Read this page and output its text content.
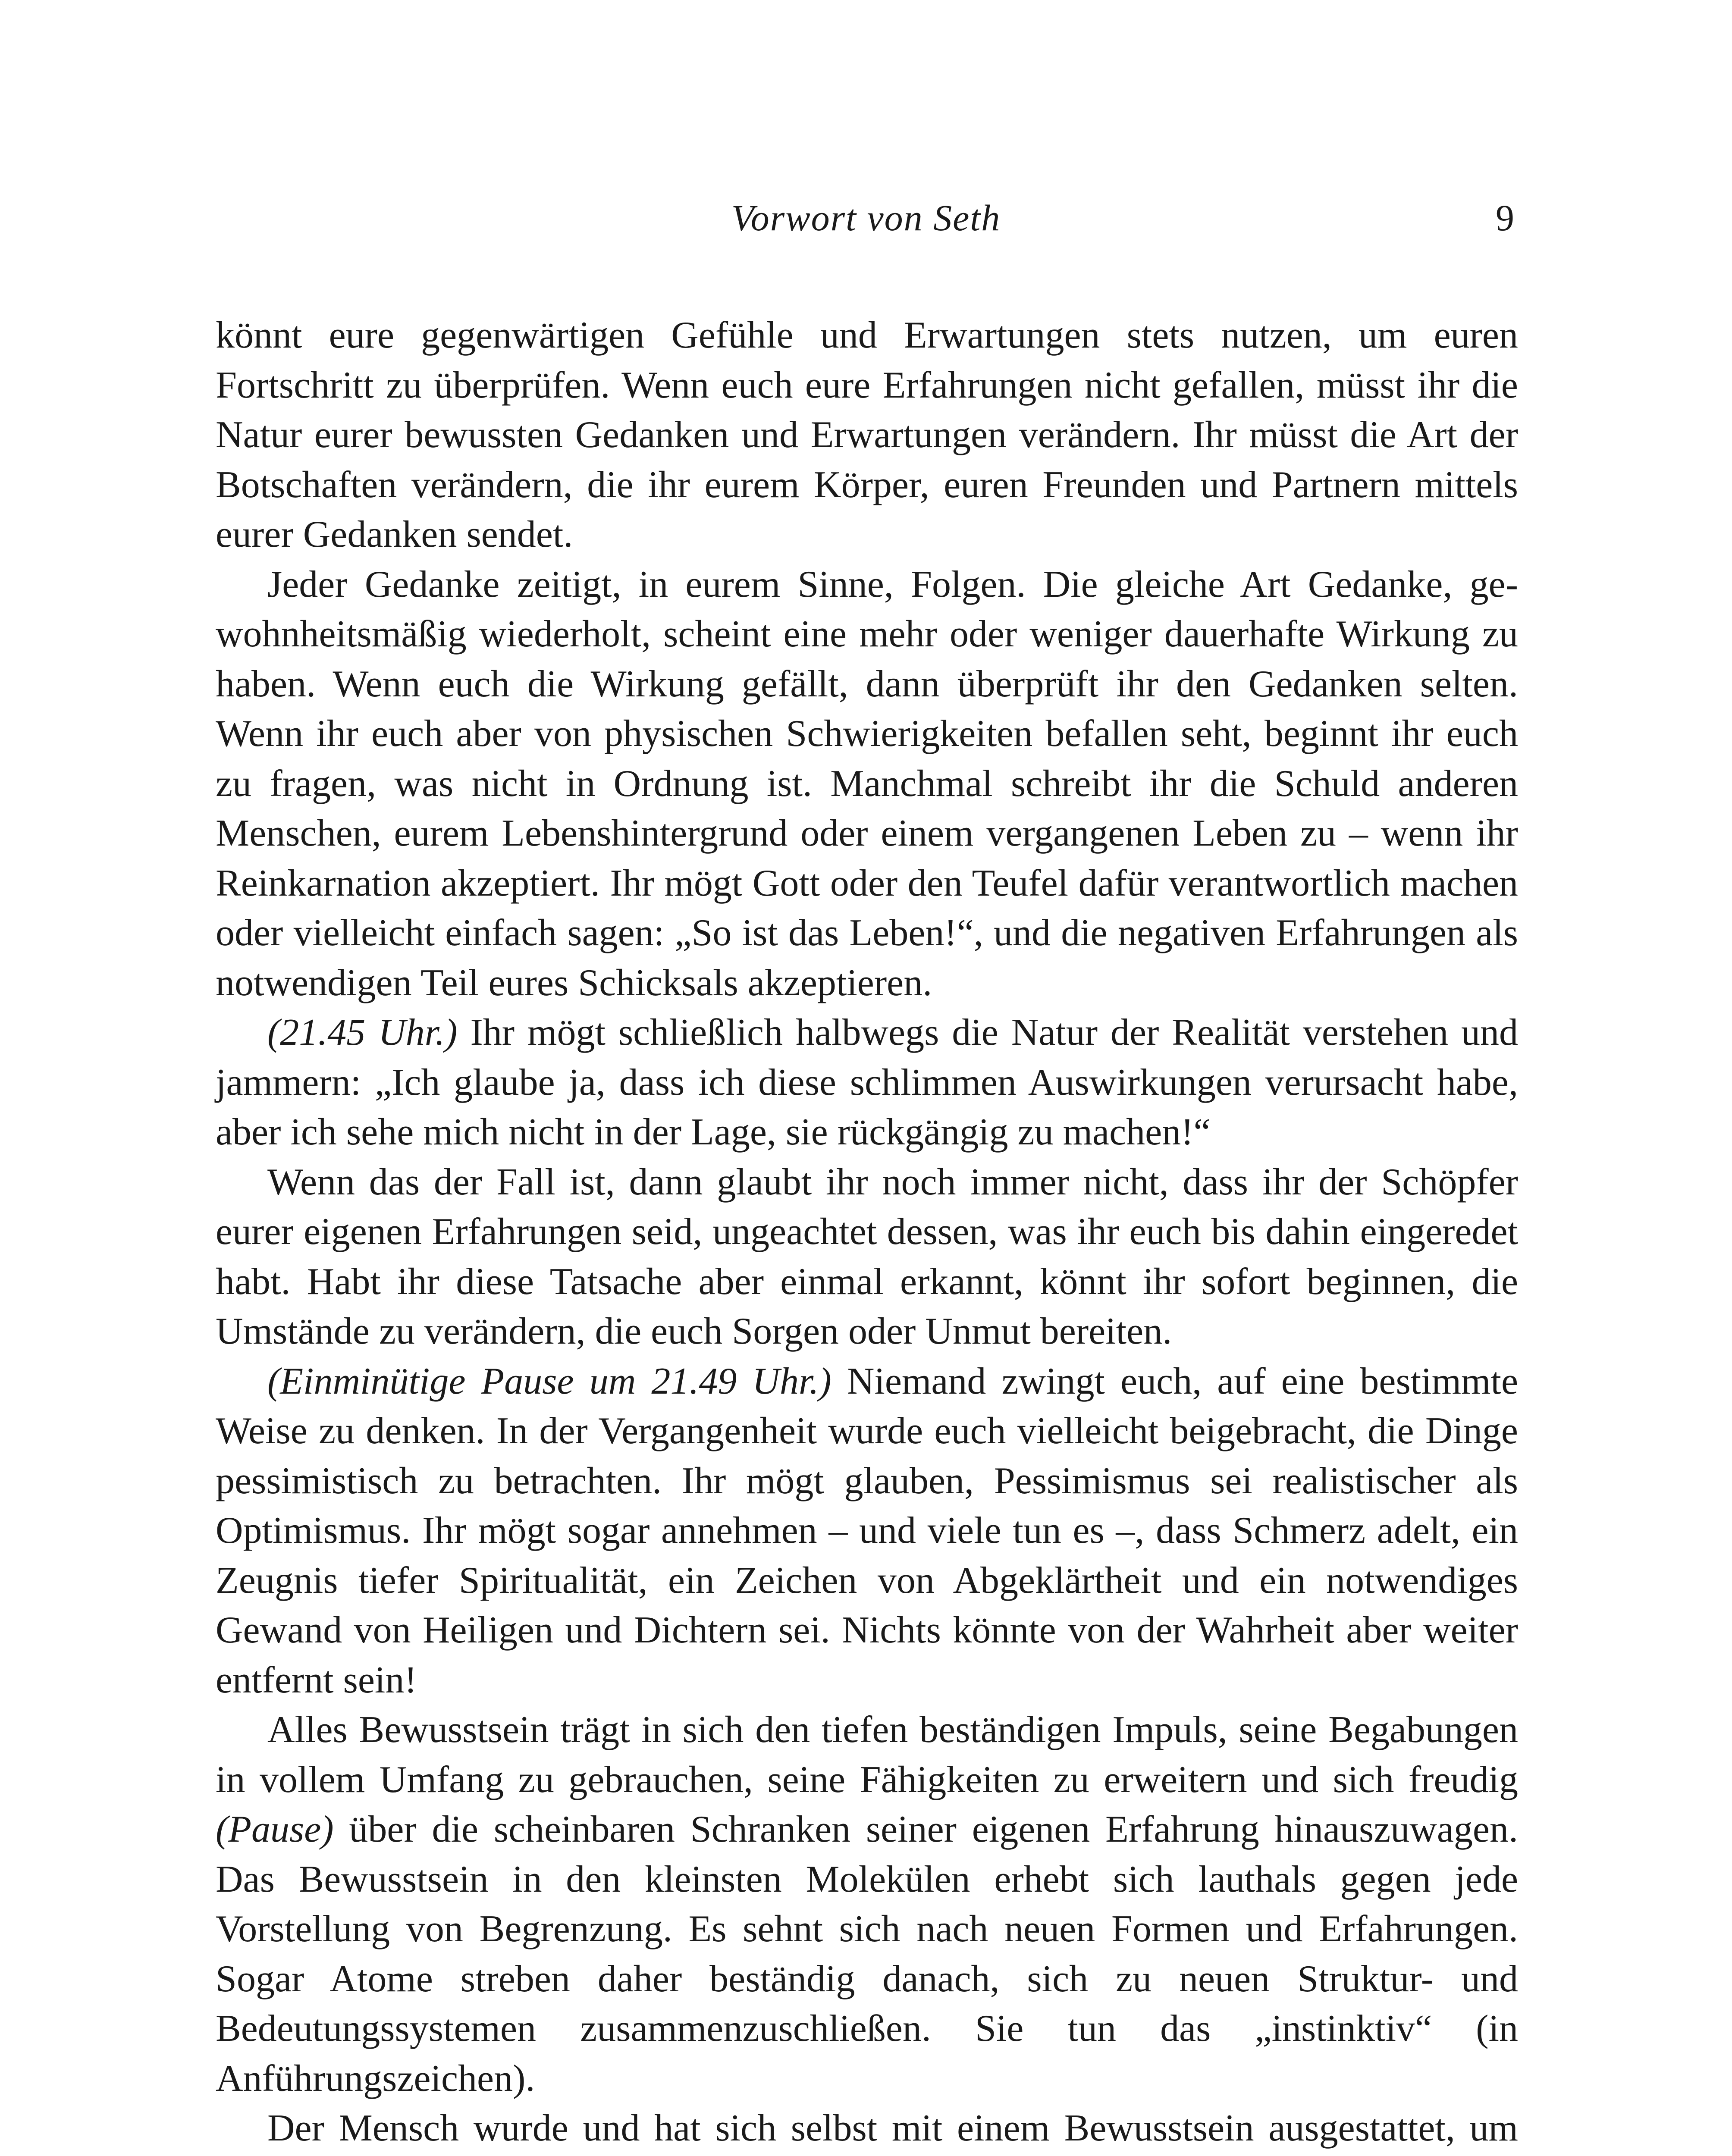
Vorwort von Seth	9

könnt eure gegenwärtigen Gefühle und Erwartungen stets nutzen, um euren Fortschritt zu überprüfen. Wenn euch eure Erfahrungen nicht gefallen, müsst ihr die Natur eurer bewussten Gedanken und Erwartungen verändern. Ihr müsst die Art der Botschaften verändern, die ihr eurem Körper, euren Freunden und Partnern mittels eurer Gedanken sendet.

Jeder Gedanke zeitigt, in eurem Sinne, Folgen. Die gleiche Art Gedanke, gewohnheitsmäßig wiederholt, scheint eine mehr oder weniger dauerhafte Wirkung zu haben. Wenn euch die Wirkung gefällt, dann überprüft ihr den Gedanken selten. Wenn ihr euch aber von physischen Schwierigkeiten befallen seht, beginnt ihr euch zu fragen, was nicht in Ordnung ist. Manchmal schreibt ihr die Schuld anderen Menschen, eurem Lebenshintergrund oder einem vergangenen Leben zu – wenn ihr Reinkarnation akzeptiert. Ihr mögt Gott oder den Teufel dafür verantwortlich machen oder vielleicht einfach sagen: „So ist das Leben!“, und die negativen Erfahrungen als notwendigen Teil eures Schicksals akzeptieren.

(21.45 Uhr.) Ihr mögt schließlich halbwegs die Natur der Realität verstehen und jammern: „Ich glaube ja, dass ich diese schlimmen Auswirkungen verursacht habe, aber ich sehe mich nicht in der Lage, sie rückgängig zu machen!“

Wenn das der Fall ist, dann glaubt ihr noch immer nicht, dass ihr der Schöpfer eurer eigenen Erfahrungen seid, ungeachtet dessen, was ihr euch bis dahin eingeredet habt. Habt ihr diese Tatsache aber einmal erkannt, könnt ihr sofort beginnen, die Umstände zu verändern, die euch Sorgen oder Unmut bereiten.

(Einminütige Pause um 21.49 Uhr.) Niemand zwingt euch, auf eine bestimmte Weise zu denken. In der Vergangenheit wurde euch vielleicht beigebracht, die Dinge pessimistisch zu betrachten. Ihr mögt glauben, Pessimismus sei realistischer als Optimismus. Ihr mögt sogar annehmen – und viele tun es –, dass Schmerz adelt, ein Zeugnis tiefer Spiritualität, ein Zeichen von Abgeklärtheit und ein notwendiges Gewand von Heiligen und Dichtern sei. Nichts könnte von der Wahrheit aber weiter entfernt sein!

Alles Bewusstsein trägt in sich den tiefen beständigen Impuls, seine Begabungen in vollem Umfang zu gebrauchen, seine Fähigkeiten zu erweitern und sich freudig (Pause) über die scheinbaren Schranken seiner eigenen Erfahrung hinauszuwagen. Das Bewusstsein in den kleinsten Molekülen erhebt sich lauthals gegen jede Vorstellung von Begrenzung. Es sehnt sich nach neuen Formen und Erfahrungen. Sogar Atome streben daher beständig danach, sich zu neuen Struktur- und Bedeutungssystemen zusammenzuschließen. Sie tun das „instinktiv“ (in Anführungszeichen).

Der Mensch wurde und hat sich selbst mit einem Bewusstsein ausgestattet, um
